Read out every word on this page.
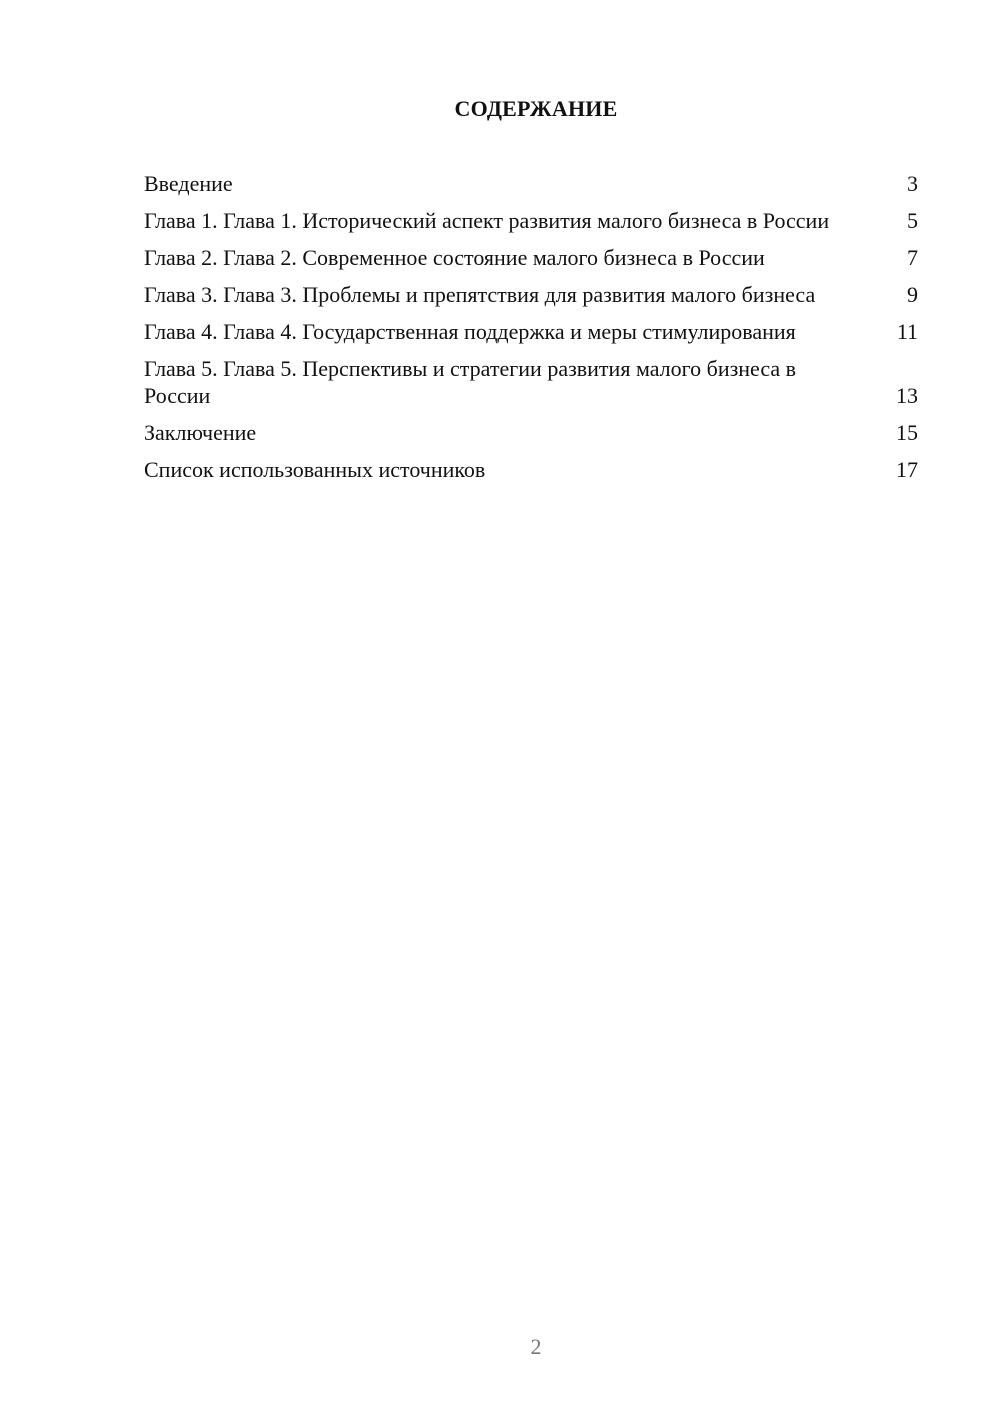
СОДЕРЖАНИЕ
Введение	3
Глава 1. Глава 1. Исторический аспект развития малого бизнеса в России	5
Глава 2. Глава 2. Современное состояние малого бизнеса в России	7
Глава 3. Глава 3. Проблемы и препятствия для развития малого бизнеса	9
Глава 4. Глава 4. Государственная поддержка и меры стимулирования	11
Глава 5. Глава 5. Перспективы и стратегии развития малого бизнеса в России	13
Заключение	15
Список использованных источников	17
2
